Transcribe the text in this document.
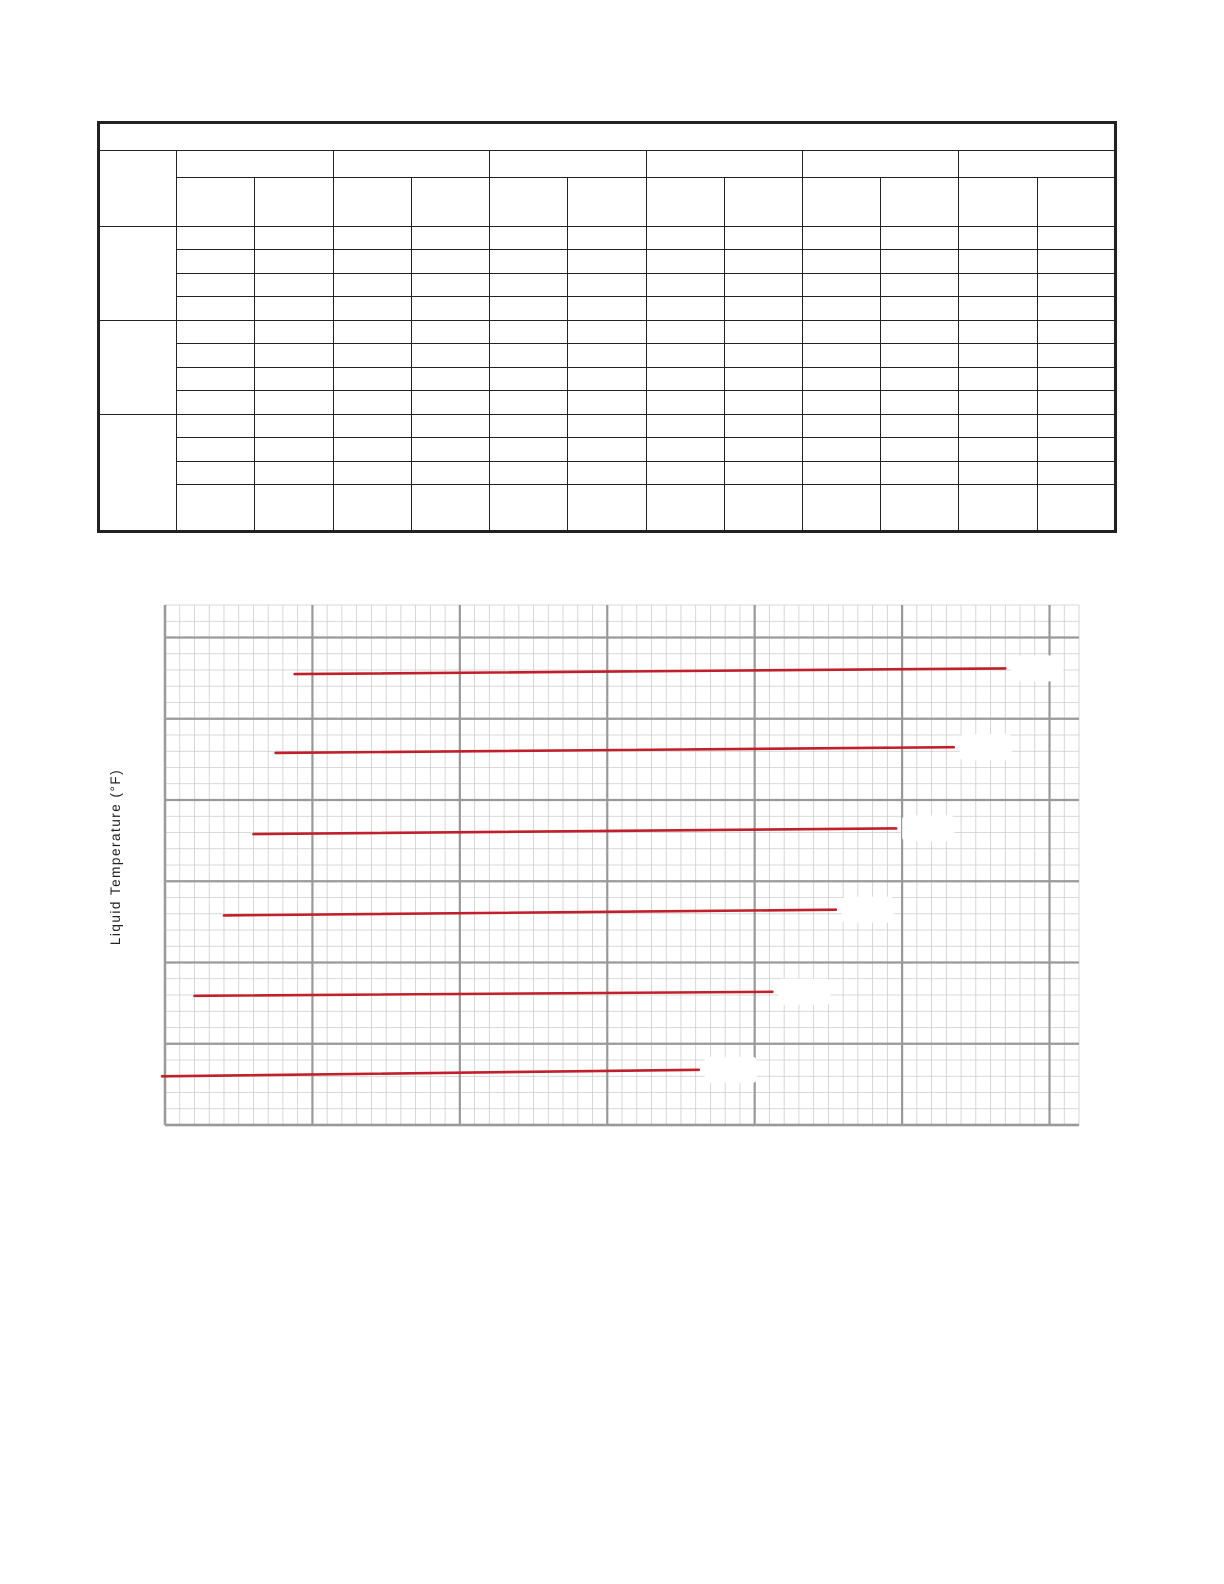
Liquid Temperature (°F)
